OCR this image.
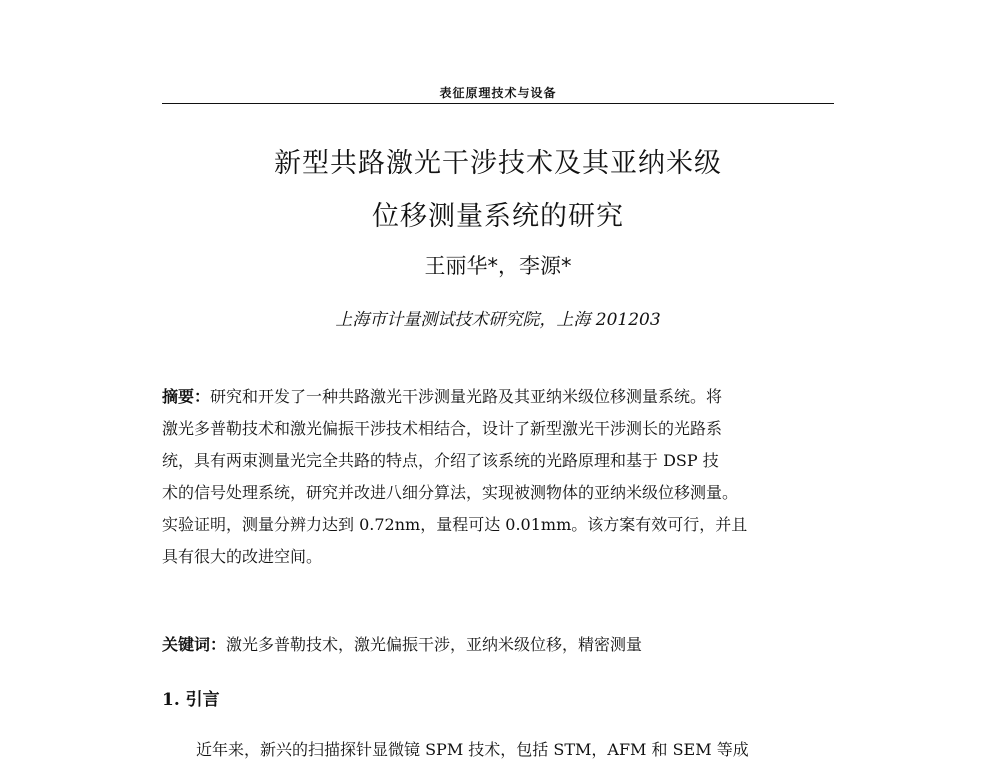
表征原理技术与设备
新型共路激光干涉技术及其亚纳米级
位移测量系统的研究
王丽华*，李源*
上海市计量测试技术研究院，上海 201203
摘要：研究和开发了一种共路激光干涉测量光路及其亚纳米级位移测量系统。将
激光多普勒技术和激光偏振干涉技术相结合，设计了新型激光干涉测长的光路系
统，具有两束测量光完全共路的特点，介绍了该系统的光路原理和基于 DSP 技
术的信号处理系统，研究并改进八细分算法，实现被测物体的亚纳米级位移测量。
实验证明，测量分辨力达到 0.72nm，量程可达 0.01mm。该方案有效可行，并且
具有很大的改进空间。
关键词：激光多普勒技术，激光偏振干涉，亚纳米级位移，精密测量
1. 引言
近年来，新兴的扫描探针显微镜 SPM 技术，包括 STM，AFM 和 SEM 等成
